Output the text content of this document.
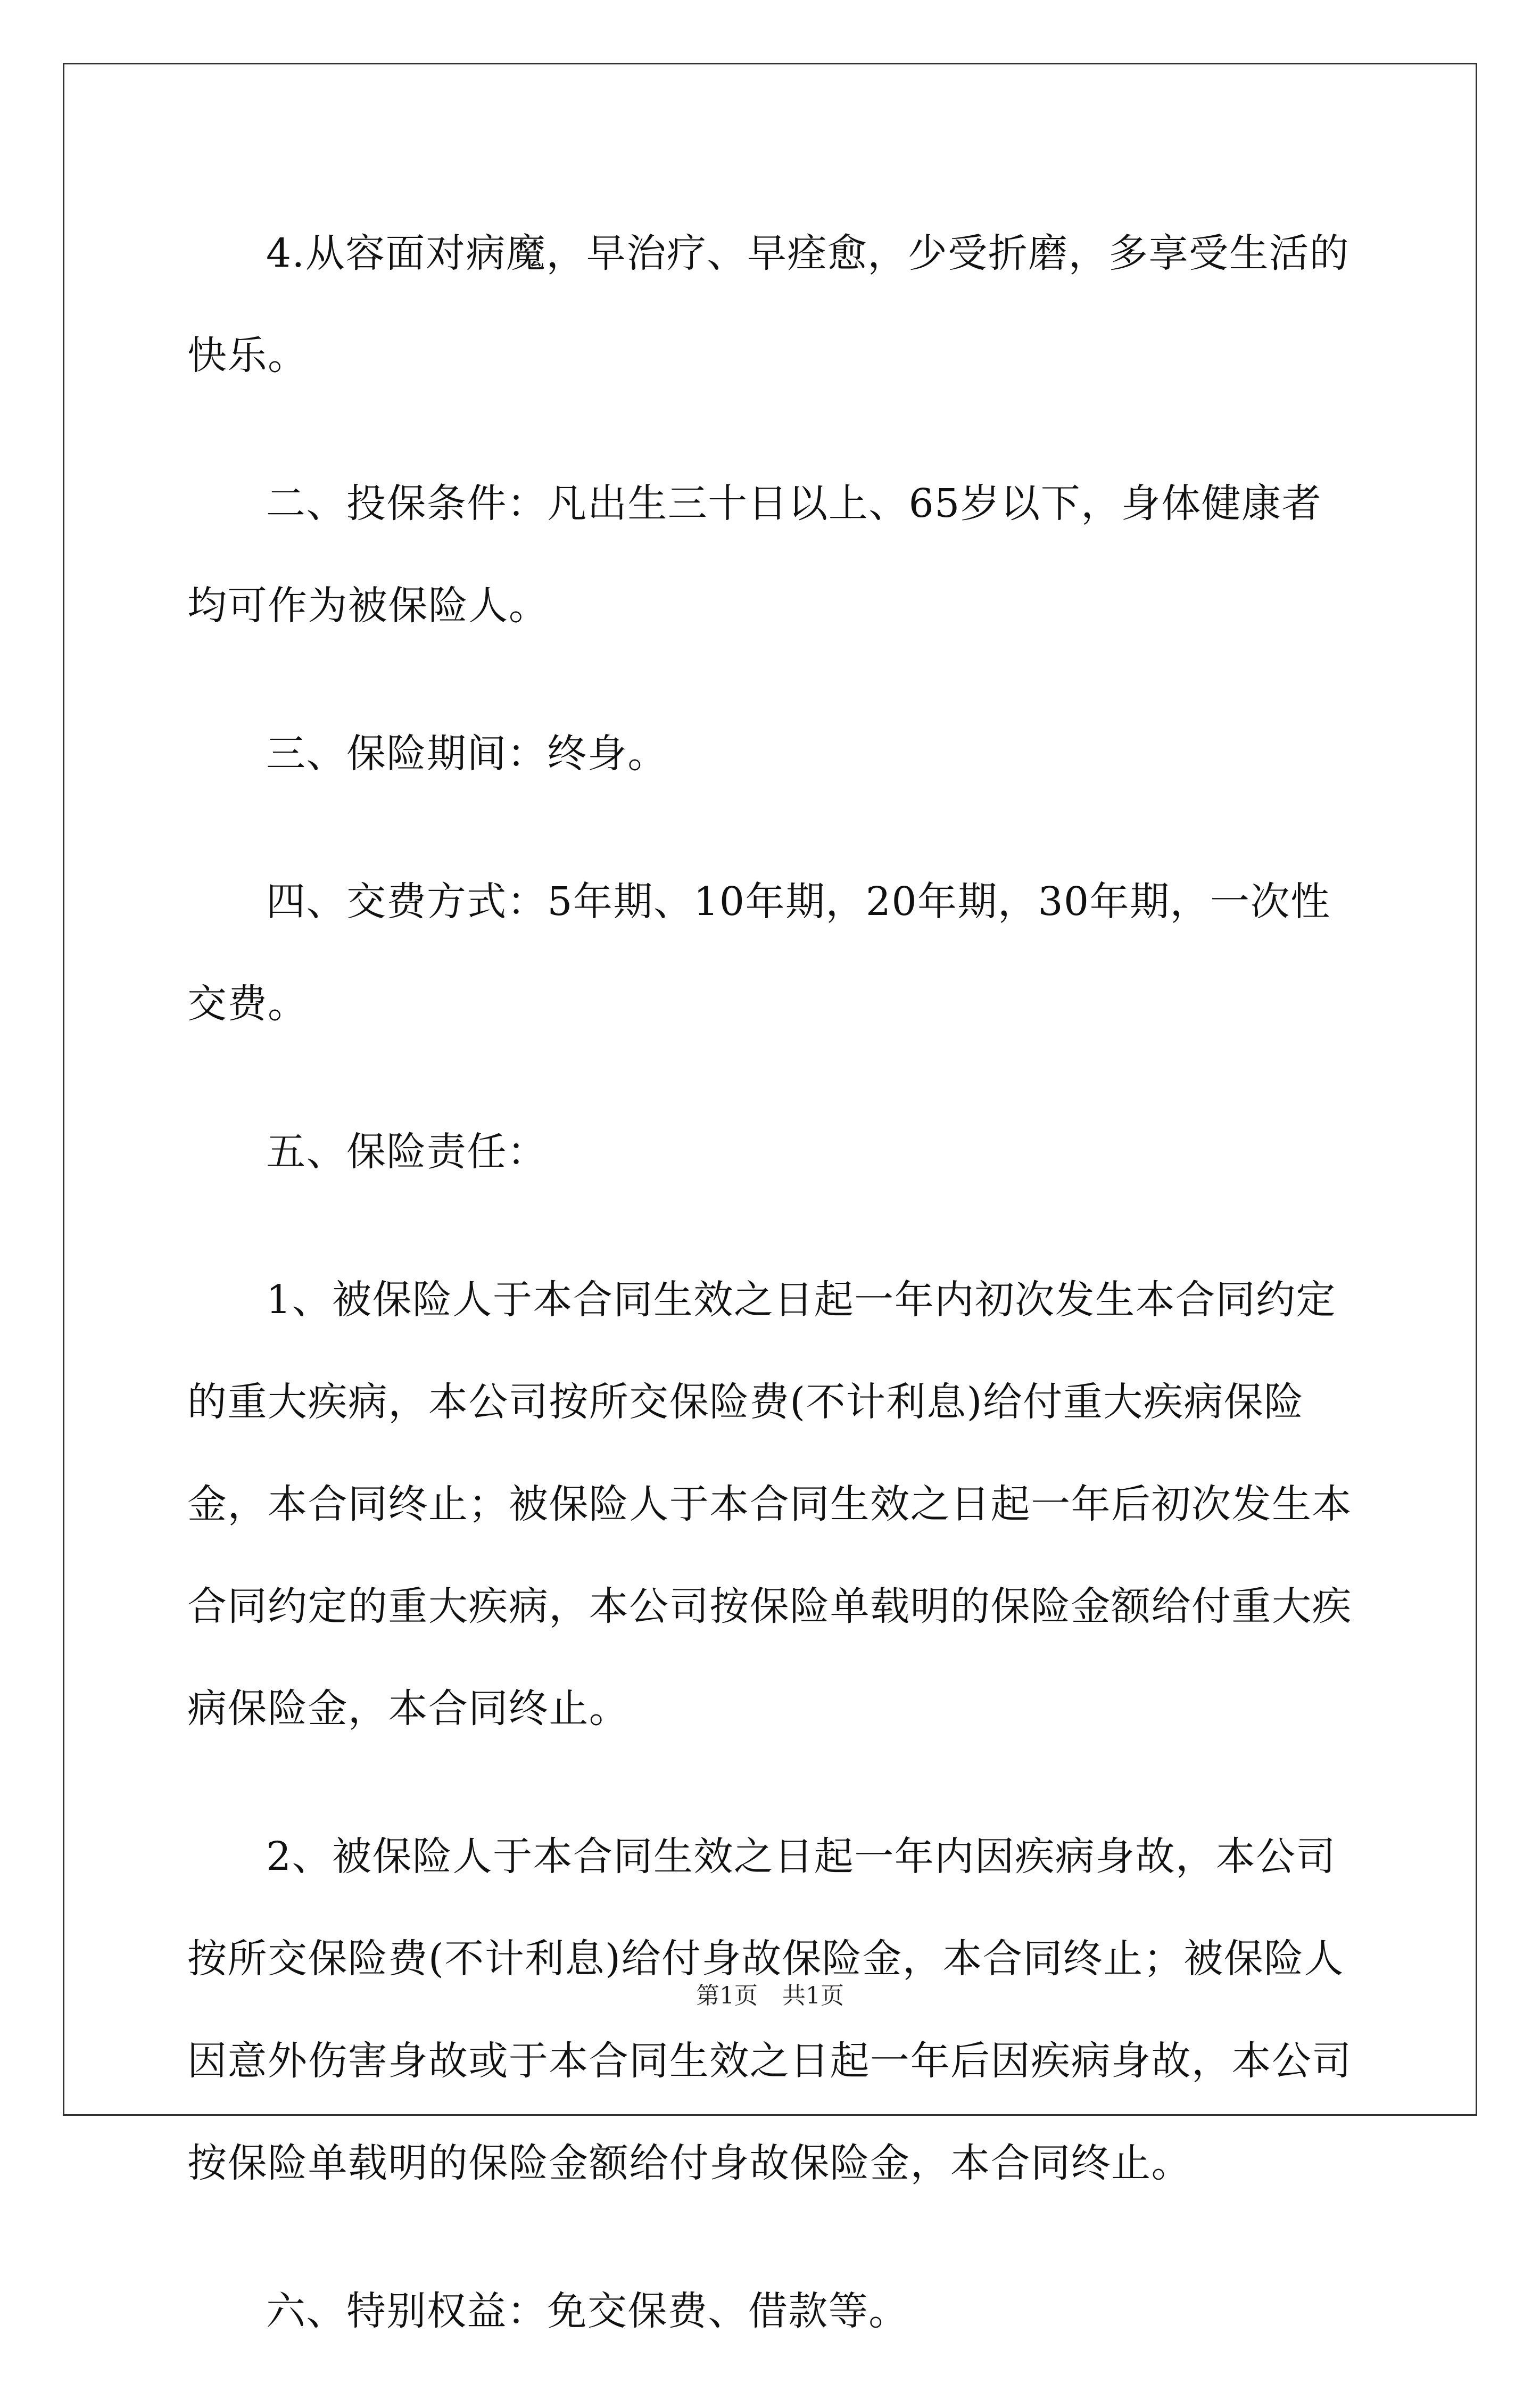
4.从容面对病魔，早治疗、早痊愈，少受折磨，多享受生活的快乐。

二、投保条件：凡出生三十日以上、65岁以下，身体健康者均可作为被保险人。

三、保险期间：终身。

四、交费方式：5年期、10年期，20年期，30年期，一次性交费。

五、保险责任：

1、被保险人于本合同生效之日起一年内初次发生本合同约定的重大疾病，本公司按所交保险费(不计利息)给付重大疾病保险金，本合同终止；被保险人于本合同生效之日起一年后初次发生本合同约定的重大疾病，本公司按保险单载明的保险金额给付重大疾病保险金，本合同终止。

2、被保险人于本合同生效之日起一年内因疾病身故，本公司按所交保险费(不计利息)给付身故保险金，本合同终止；被保险人因意外伤害身故或于本合同生效之日起一年后因疾病身故，本公司按保险单载明的保险金额给付身故保险金，本合同终止。

六、特别权益：免交保费、借款等。

第1页 共1页
